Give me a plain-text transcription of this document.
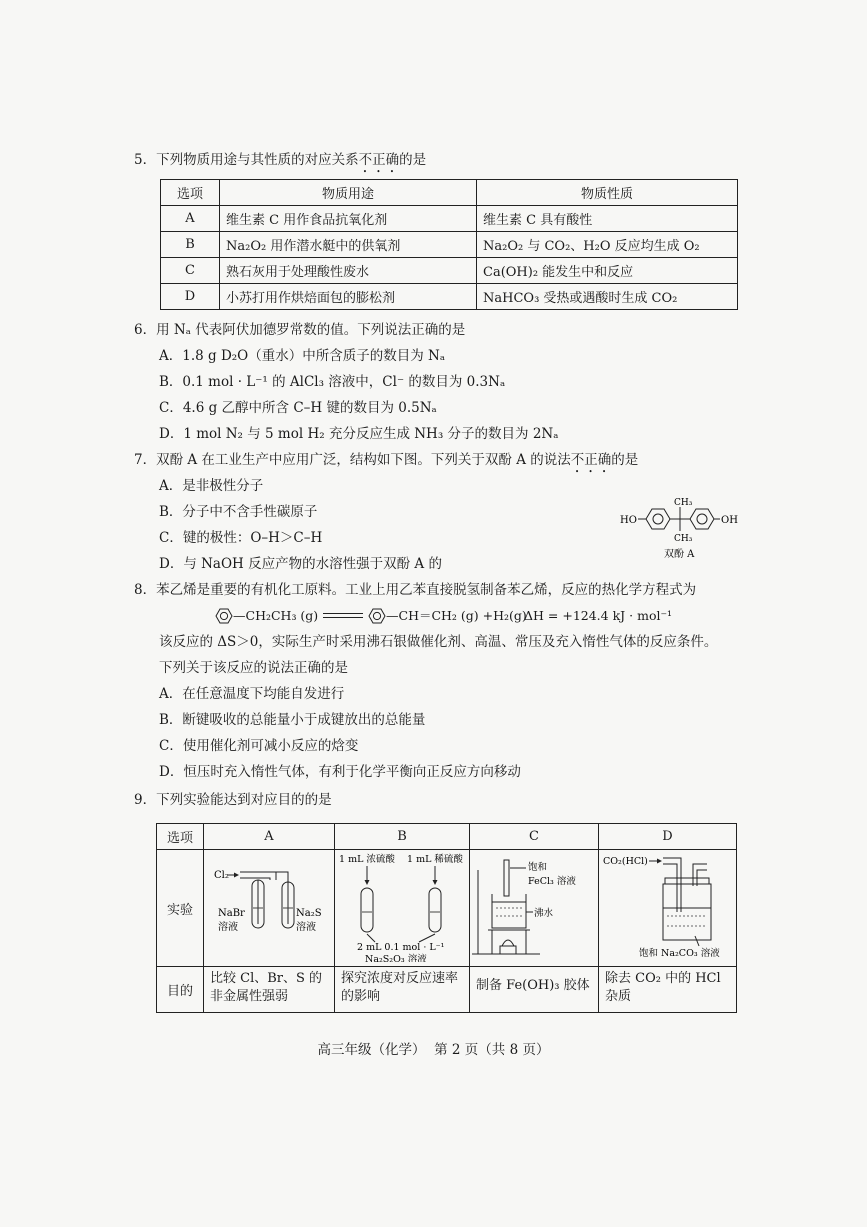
5．下列物质用途与其性质的对应关系不正确的是
选项	物质用途	物质性质
A	维生素 C 用作食品抗氧化剂	维生素 C 具有酸性
B	Na₂O₂ 用作潜水艇中的供氧剂	Na₂O₂ 与 CO₂、H₂O 反应均生成 O₂
C	熟石灰用于处理酸性废水	Ca(OH)₂ 能发生中和反应
D	小苏打用作烘焙面包的膨松剂	NaHCO₃ 受热或遇酸时生成 CO₂
6．用 Nₐ 代表阿伏加德罗常数的值。下列说法正确的是
A．1.8 g D₂O（重水）中所含质子的数目为 Nₐ
B．0.1 mol · L⁻¹ 的 AlCl₃ 溶液中，Cl⁻ 的数目为 0.3Nₐ
C．4.6 g 乙醇中所含 C–H 键的数目为 0.5Nₐ
D．1 mol N₂ 与 5 mol H₂ 充分反应生成 NH₃ 分子的数目为 2Nₐ
7．双酚 A 在工业生产中应用广泛，结构如下图。下列关于双酚 A 的说法不正确的是
A．是非极性分子
B．分子中不含手性碳原子
C．键的极性：O–H＞C–H
D．与 NaOH 反应产物的水溶性强于双酚 A 的
HO
CH₃
CH₃
OH
双酚 A
8．苯乙烯是重要的有机化工原料。工业上用乙苯直接脱氢制备苯乙烯，反应的热化学方程式为
—CH₂CH₃ (g)	—CH＝CH₂ (g) +H₂(g)
ΔH = +124.4 kJ · mol⁻¹
该反应的 ΔS＞0，实际生产时采用沸石银做催化剂、高温、常压及充入惰性气体的反应条件。
下列关于该反应的说法正确的是
A．在任意温度下均能自发进行
B．断键吸收的总能量小于成键放出的总能量
C．使用催化剂可减小反应的焓变
D．恒压时充入惰性气体，有利于化学平衡向正反应方向移动
9．下列实验能达到对应目的的是
选项	A	B	C	D
实验	Cl₂
NaBr
溶液
Na₂S
溶液	1 mL 浓硫酸 1 mL 稀硫酸
2 mL 0.1 mol · L⁻¹
Na₂S₂O₃ 溶液	饱和
FeCl₃ 溶液
沸水	CO₂(HCl)
饱和 Na₂CO₃ 溶液

目的	比较 Cl、Br、S 的非金属性强弱	探究浓度对反应速率的影响	制备 Fe(OH)₃ 胶体	除去 CO₂ 中的 HCl 杂质
高三年级（化学）  第 2 页（共 8 页）
